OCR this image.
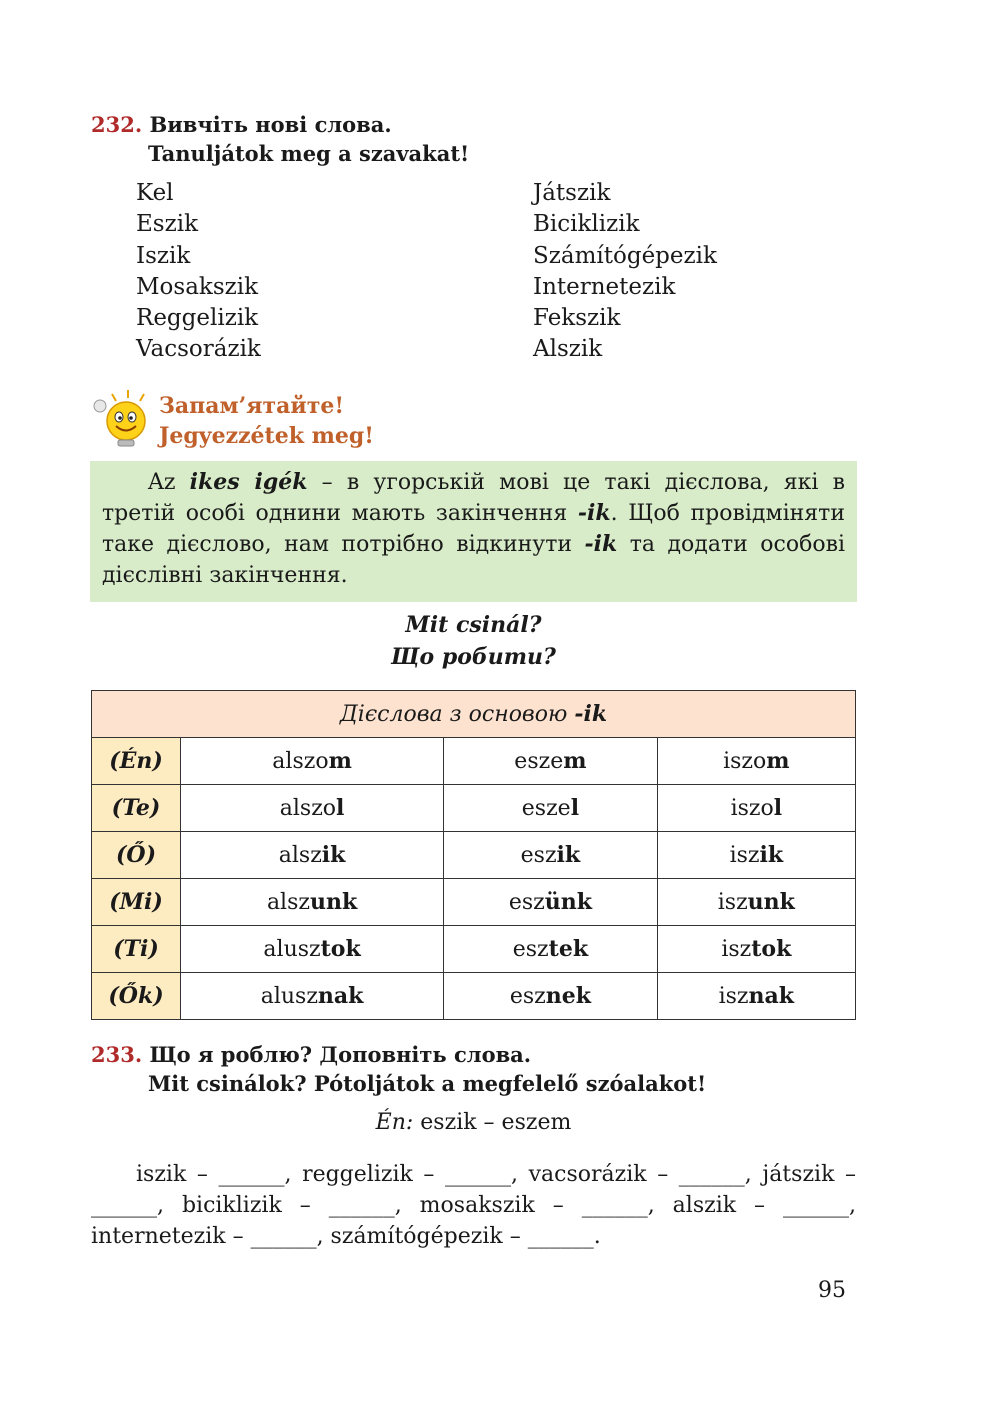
232. Вивчіть нові слова.
Tanuljátok meg a szavakat!
Kel
Eszik
Iszik
Mosakszik
Reggelizik
Vacsorázik
Játszik
Biciklizik
Számítógépezik
Internetezik
Fekszik
Alszik
Запам’ятайте!
Jegyezzétek meg!

Az ikes igék – в угорській мові це такі дієслова, які в третій особі однини мають закінчення -ik. Щоб провідміняти таке дієслово, нам потрібно відкинути -ik та додати особові дієслівні закінчення.

Mit csinál?
Що робити?
Дієслова з основою -ik			
(Én)	alszom	eszem	iszom
(Te)	alszol	eszel	iszol
(Ő)	alszik	eszik	iszik
(Mi)	alszunk	eszünk	iszunk
(Ti)	alusztok	esztek	isztok
(Ők)	alusznak	esznek	isznak
233. Що я роблю? Доповніть слова.
Mit csinálok? Pótoljátok a megfelelő szóalakot!
Én: eszik – eszem
iszik – ______, reggelizik – ______, vacsorázik – ______, játszik – ______, biciklizik – ______, mosakszik – ______, alszik – ______, internetezik – ______, számítógépezik – ______.
95
